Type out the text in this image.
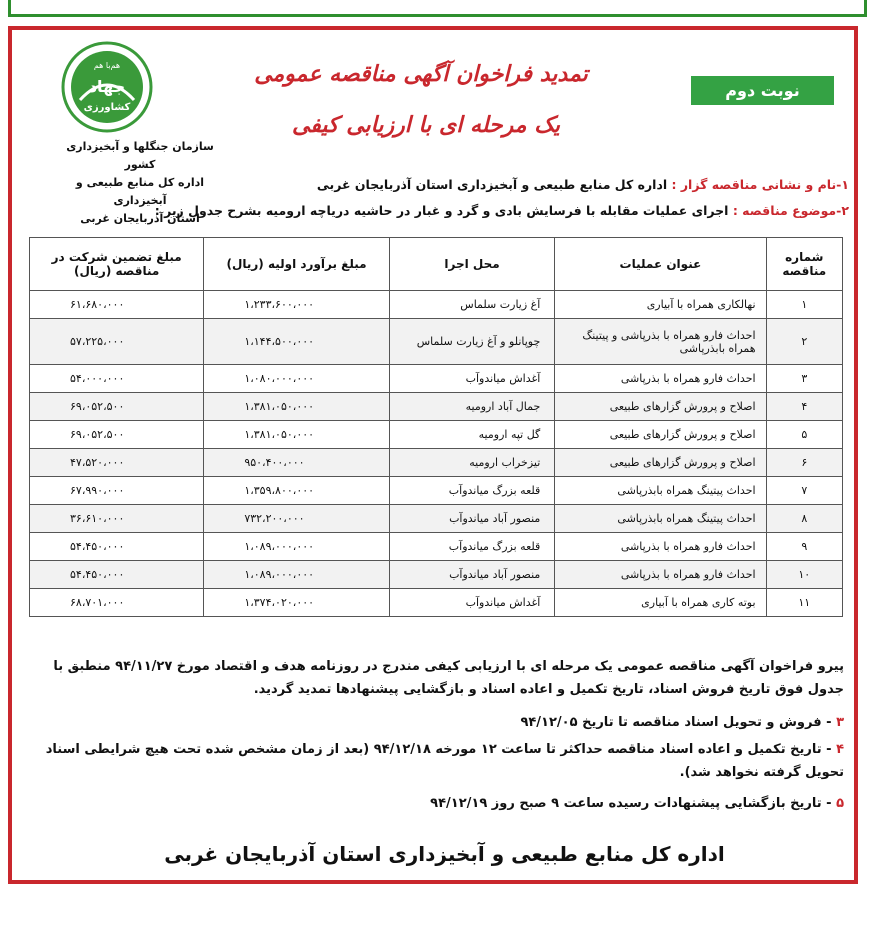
هم‌با هم
جهاد
کشاورزی
سازمان جنگلها و آبخیزداری کشور
اداره کل منابع طبیعی و آبخیزداری
استان آذربایجان غربی
تمدید فراخوان آگهی مناقصه عمومی
یک مرحله ای با ارزیابی کیفی
نوبت دوم
۱-نام و نشانی مناقصه گزار : اداره کل منابع طبیعی و آبخیزداری استان آذربایجان غربی
۲-موضوع مناقصه : اجرای عملیات مقابله با فرسایش بادی و گرد و غبار در حاشیه دریاچه ارومیه بشرح جدول زیر :
شماره مناقصه	عنوان عملیات	محل اجرا	مبلغ برآورد اولیه (ریال)	مبلغ تضمین شرکت در مناقصه (ریال)
۱	نهالکاری همراه با آبیاری	آغ زیارت سلماس	۱،۲۳۳،۶۰۰،۰۰۰	۶۱،۶۸۰،۰۰۰
۲	احداث فارو همراه با بذرپاشی و پیتینگ همراه بابذرپاشی	چوپانلو و آغ زیارت سلماس	۱،۱۴۴،۵۰۰،۰۰۰	۵۷،۲۲۵،۰۰۰
۳	احداث فارو همراه با بذرپاشی	آغداش میاندوآب	۱،۰۸۰،۰۰۰،۰۰۰	۵۴،۰۰۰،۰۰۰
۴	اصلاح و پرورش گزارهای طبیعی	جمال آباد ارومیه	۱،۳۸۱،۰۵۰،۰۰۰	۶۹،۰۵۲،۵۰۰
۵	اصلاح و پرورش گزارهای طبیعی	گل تپه ارومیه	۱،۳۸۱،۰۵۰،۰۰۰	۶۹،۰۵۲،۵۰۰
۶	اصلاح و پرورش گزارهای طبیعی	تیزخراب ارومیه	۹۵۰،۴۰۰،۰۰۰	۴۷،۵۲۰،۰۰۰
۷	احداث پیتینگ همراه بابذرپاشی	قلعه بزرگ میاندوآب	۱،۳۵۹،۸۰۰،۰۰۰	۶۷،۹۹۰،۰۰۰
۸	احداث پیتینگ همراه بابذرپاشی	منصور آباد میاندوآب	۷۳۲،۲۰۰،۰۰۰	۳۶،۶۱۰،۰۰۰
۹	احداث فارو همراه با بذرپاشی	قلعه بزرگ میاندوآب	۱،۰۸۹،۰۰۰،۰۰۰	۵۴،۴۵۰،۰۰۰
۱۰	احداث فارو همراه با بذرپاشی	منصور آباد میاندوآب	۱،۰۸۹،۰۰۰،۰۰۰	۵۴،۴۵۰،۰۰۰
۱۱	بوته کاری همراه با آبیاری	آغداش میاندوآب	۱،۳۷۴،۰۲۰،۰۰۰	۶۸،۷۰۱،۰۰۰
پیرو فراخوان آگهی مناقصه عمومی یک مرحله ای با ارزیابی کیفی مندرج در روزنامه هدف و اقتصاد مورخ ۹۴/۱۱/۲۷ منطبق با جدول فوق تاریخ فروش اسناد، تاریخ تکمیل و اعاده اسناد و بازگشایی پیشنهادها تمدید گردید.
۳ - فروش و تحویل اسناد مناقصه تا تاریخ ۹۴/۱۲/۰۵
۴ - تاریخ تکمیل و اعاده اسناد مناقصه حداکثر تا ساعت ۱۲ مورخه ۹۴/۱۲/۱۸ (بعد از زمان مشخص شده تحت هیچ شرایطی اسناد تحویل گرفته نخواهد شد).
۵ - تاریخ بازگشایی پیشنهادات رسیده ساعت ۹ صبح روز ۹۴/۱۲/۱۹
اداره کل منابع طبیعی و آبخیزداری استان آذربایجان غربی
